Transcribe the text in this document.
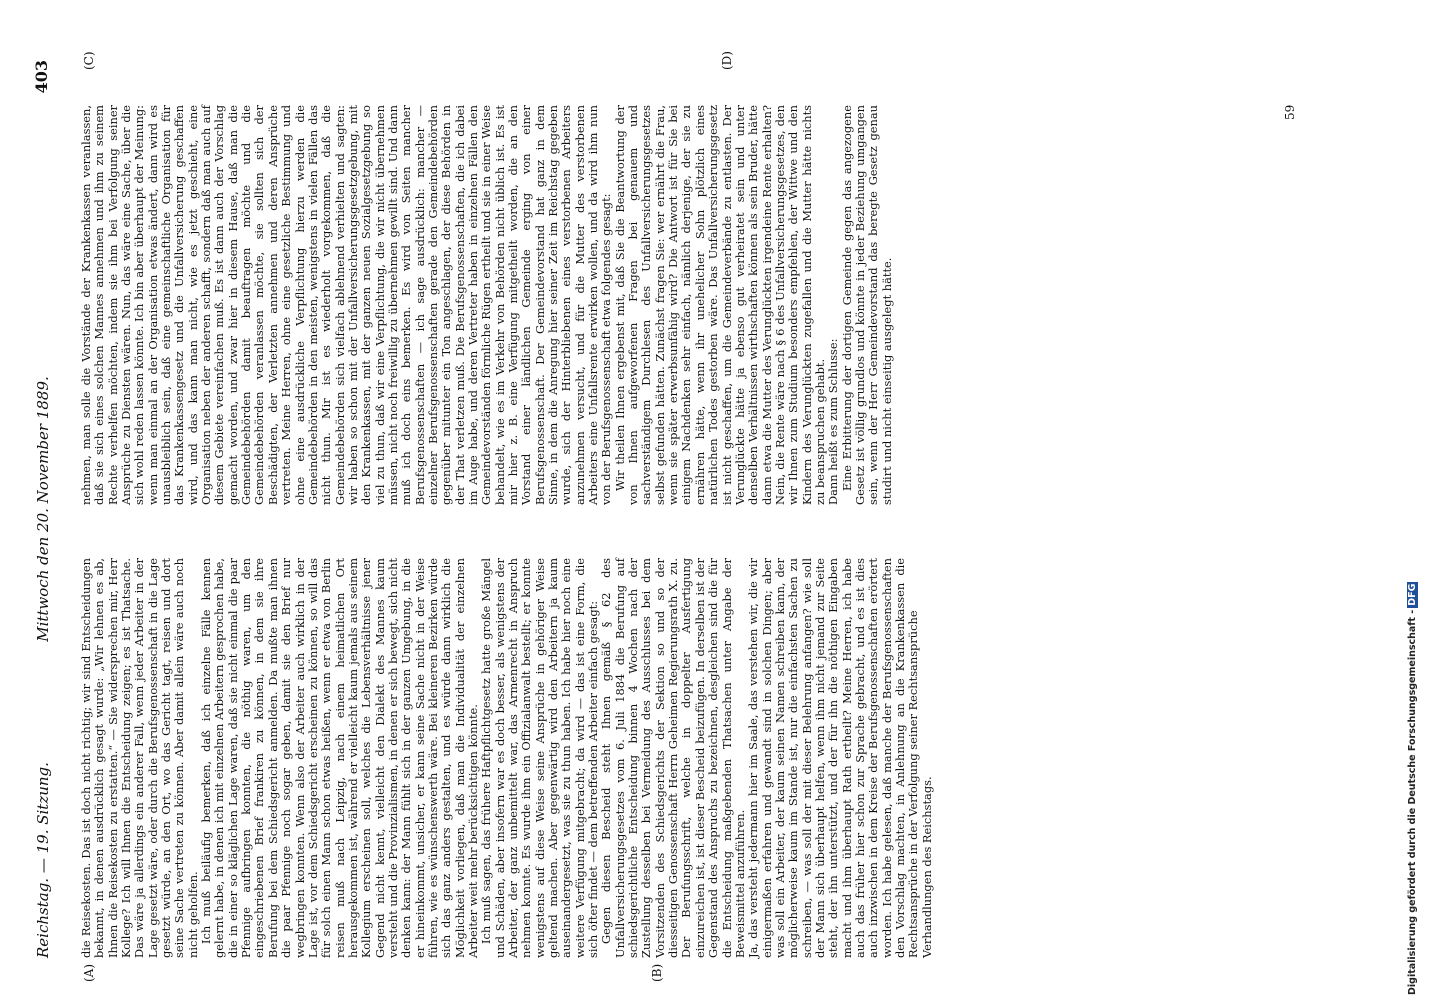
Reichstag. — 19. Sitzung.
Mittwoch den 20. November 1889.
403
(A)	(B)
(C)	(D)

die Reisekosten. Das ist doch nicht richtig; wir sind Entscheidungen bekannt, in denen ausdrücklich gesagt wurde: „Wir lehnen es ab, Ihnen die Reisekosten zu erstatten.“ — Sie widersprechen mir, Herr Kollege? Ich will Ihnen die Entscheidung zeigen; es ist Thatsache. Das wäre ja allerdings ein anderer Fall, wenn jeder Arbeiter in der Lage gesetzt wäre, oder durch die Berufsgenossenschaft in die Lage gesetzt würde, an den Ort, wo das Gericht tagt, reisen und dort seine Sache vertreten zu können. Aber damit allein wäre auch noch nicht geholfen. Ich muß beiläufig bemerken, daß ich einzelne Fälle kennen gelernt habe, in denen ich mit einzelnen Arbeitern gesprochen habe, die in einer so kläglichen Lage waren, daß sie nicht einmal die paar Pfennige aufbringen konnten, die nöthig waren, um den eingeschriebenen Brief frankiren zu können, in dem sie ihre Berufung bei dem Schiedsgericht anmelden. Da mußte man ihnen die paar Pfennige noch sogar geben, damit sie den Brief nur wegbringen konnten. Wenn also der Arbeiter auch wirklich in der Lage ist, vor dem Schiedsgericht erscheinen zu können, so will das für solch einen Mann schon etwas heißen, wenn er etwa von Berlin reisen muß nach Leipzig, nach einem heimatlichen Ort herausgekommen ist, während er vielleicht kaum jemals aus seinem Kollegium erscheinen soll, welches die Lebensverhältnisse jener Gegend nicht kennt, vielleicht den Dialekt des Mannes kaum versteht und die Provinzialismen, in denen er sich bewegt, sich nicht denken kann: der Mann fühlt sich in der ganzen Umgebung, in die er hineinkommt, unsicher, er kann seine Sache nicht in der Weise führen, wie es wünschenswerth wäre. Bei kleineren Bezirken würde sich das ganz anders gestalten, und es würde dann wirklich die Möglichkeit vorliegen, daß man die Individualität der einzelnen Arbeiter weit mehr berücksichtigen könnte. Ich muß sagen, das frühere Haftpflichtgesetz hatte große Mängel und Schäden, aber insofern war es doch besser, als wenigstens der Arbeiter, der ganz unbemittelt war, das Armenrecht in Anspruch nehmen konnte. Es wurde ihm ein Offizialanwalt bestellt; er konnte wenigstens auf diese Weise seine Ansprüche in gehöriger Weise geltend machen. Aber gegenwärtig wird den Arbeitern ja kaum auseinandergesetzt, was sie zu thun haben. Ich habe hier noch eine weitere Verfügung mitgebracht; da wird — das ist eine Form, die sich öfter findet — dem betreffenden Arbeiter einfach gesagt: Gegen diesen Bescheid steht Ihnen gemäß § 62 des Unfallversicherungsgesetzes vom 6. Juli 1884 die Berufung auf schiedsgerichtliche Entscheidung binnen 4 Wochen nach der Zustellung desselben bei Vermeidung des Ausschlusses bei dem Vorsitzenden des Schiedsgerichts der Sektion so und so der diesseitigen Genossenschaft Herrn Geheimen Regierungsrath X. zu. Der Berufungsschrift, welche in doppelter Ausfertigung einzureichen ist, ist dieser Bescheid beizufügen. In derselben ist der Gegenstand des Anspruchs zu bezeichnen, desgleichen sind die für die Entscheidung maßgebenden Thatsachen unter Angabe der Beweismittel anzuführen. Ja, das versteht jedermann hier im Saale, das verstehen wir, die wir einigermaßen erfahren und gewandt sind in solchen Dingen; aber was soll ein Arbeiter, der kaum seinen Namen schreiben kann, der möglicherweise kaum im Stande ist, nur die einfachsten Sachen zu schreiben, — was soll der mit dieser Belehrung anfangen? wie soll der Mann sich überhaupt helfen, wenn ihm nicht jemand zur Seite steht, der ihn unterstützt, und der für ihn die nöthigen Eingaben macht und ihm überhaupt Rath ertheilt? Meine Herren, ich habe auch das früher hier schon zur Sprache gebracht, und es ist dies auch inzwischen in dem Kreise der Berufsgenossenschaften erörtert worden. Ich habe gelesen, daß manche der Berufsgenossenschaften den Vorschlag machten, in Anlehnung an die Krankenkassen die Rechtsansprüche in der Verfolgung seiner Rechtsansprüche Verhandlungen des Reichstags.

nehmen, man solle die Vorstände der Krankenkassen veranlassen, daß sie sich eines solchen Mannes annehmen und ihm zu seinem Rechte verhelfen möchten, indem sie ihm bei Verfolgung seiner Ansprüche zu Diensten wären. Nun, das wäre eine Sache, über die sich wohl reden lassen könnte. Ich bin aber überhaupt der Meinung: wenn man einmal an der Organisation etwas ändert, dann wird es unausbleiblich sein, daß eine gemeinschaftliche Organisation für das Krankenkassengesetz und die Unfallversicherung geschaffen wird, und das kann man nicht, wie es jetzt geschieht, eine Organisation neben der anderen schafft, sondern daß man auch auf diesem Gebiete vereinfachen muß. Es ist dann auch der Vorschlag gemacht worden, und zwar hier in diesem Hause, daß man die Gemeindebehörden damit beauftragen möchte und die Gemeindebehörden veranlassen möchte, sie sollten sich der Beschädigten, der Verletzten annehmen und deren Ansprüche vertreten. Meine Herren, ohne eine gesetzliche Bestimmung und ohne eine ausdrückliche Verpflichtung hierzu werden die Gemeindebehörden in den meisten, wenigstens in vielen Fällen das nicht thun. Mir ist es wiederholt vorgekommen, daß die Gemeindebehörden sich vielfach ablehnend verhielten und sagten: wir haben so schon mit der Unfallversicherungsgesetzgebung, mit den Krankenkassen, mit der ganzen neuen Sozialgesetzgebung so viel zu thun, daß wir eine Verpflichtung, die wir nicht übernehmen müssen, nicht noch freiwillig zu übernehmen gewillt sind. Und dann muß ich doch eins bemerken. Es wird von Seiten mancher Berufsgenossenschaften — ich sage ausdrücklich: mancher — einzelner Berufsgenossenschaften gerade den Gemeindebehörden gegenüber mitunter ein Ton angeschlagen, der diese Behörden in der That verletzen muß. Die Berufsgenossenschaften, die ich dabei im Auge habe, und deren Vertreter haben in einzelnen Fällen den Gemeindevorständen förmliche Rügen ertheilt und sie in einer Weise behandelt, wie es im Verkehr von Behörden nicht üblich ist. Es ist mir hier z. B. eine Verfügung mitgetheilt worden, die an den Vorstand einer ländlichen Gemeinde erging von einer Berufsgenossenschaft. Der Gemeindevorstand hat ganz in dem Sinne, in dem die Anregung hier seiner Zeit im Reichstag gegeben wurde, sich der Hinterbliebenen eines verstorbenen Arbeiters anzunehmen versucht, und für die Mutter des verstorbenen Arbeiters eine Unfallsrente erwirken wollen, und da wird ihm nun von der Berufsgenossenschaft etwa folgendes gesagt: Wir theilen Ihnen ergebenst mit, daß Sie die Beantwortung der von Ihnen aufgeworfenen Fragen bei genauem und sachverständigem Durchlesen des Unfallversicherungsgesetzes selbst gefunden hätten. Zunächst fragen Sie: wer ernährt die Frau, wenn sie später erwerbsunfähig wird? Die Antwort ist für Sie bei einigem Nachdenken sehr einfach, nämlich derjenige, der sie zu ernähren hätte, wenn ihr unehelicher Sohn plötzlich eines natürlichen Todes gestorben wäre. Das Unfallversicherungsgesetz ist nicht geschaffen, um die Gemeindeverbände zu entlasten. Der Verunglückte hätte ja ebenso gut verheiratet sein und unter denselben Verhältnissen wirthschaften können als sein Bruder, hätte dann etwa die Mutter des Verunglückten irgendeine Rente erhalten? Nein, die Rente wäre nach § 6 des Unfallversicherungsgesetzes, den wir Ihnen zum Studium besonders empfehlen, der Wittwe und den Kindern des Verunglückten zugefallen und die Mutter hätte nichts zu beanspruchen gehabt. Dann heißt es zum Schlusse: Eine Erbitterung der dortigen Gemeinde gegen das angezogene Gesetz ist völlig grundlos und könnte in jeder Beziehung umgangen sein, wenn der Herr Gemeindevorstand das beregte Gesetz genau studirt und nicht einseitig ausgelegt hätte.

59
Digitalisierung gefördert durch die Deutsche Forschungsgemeinschaft -DFG
